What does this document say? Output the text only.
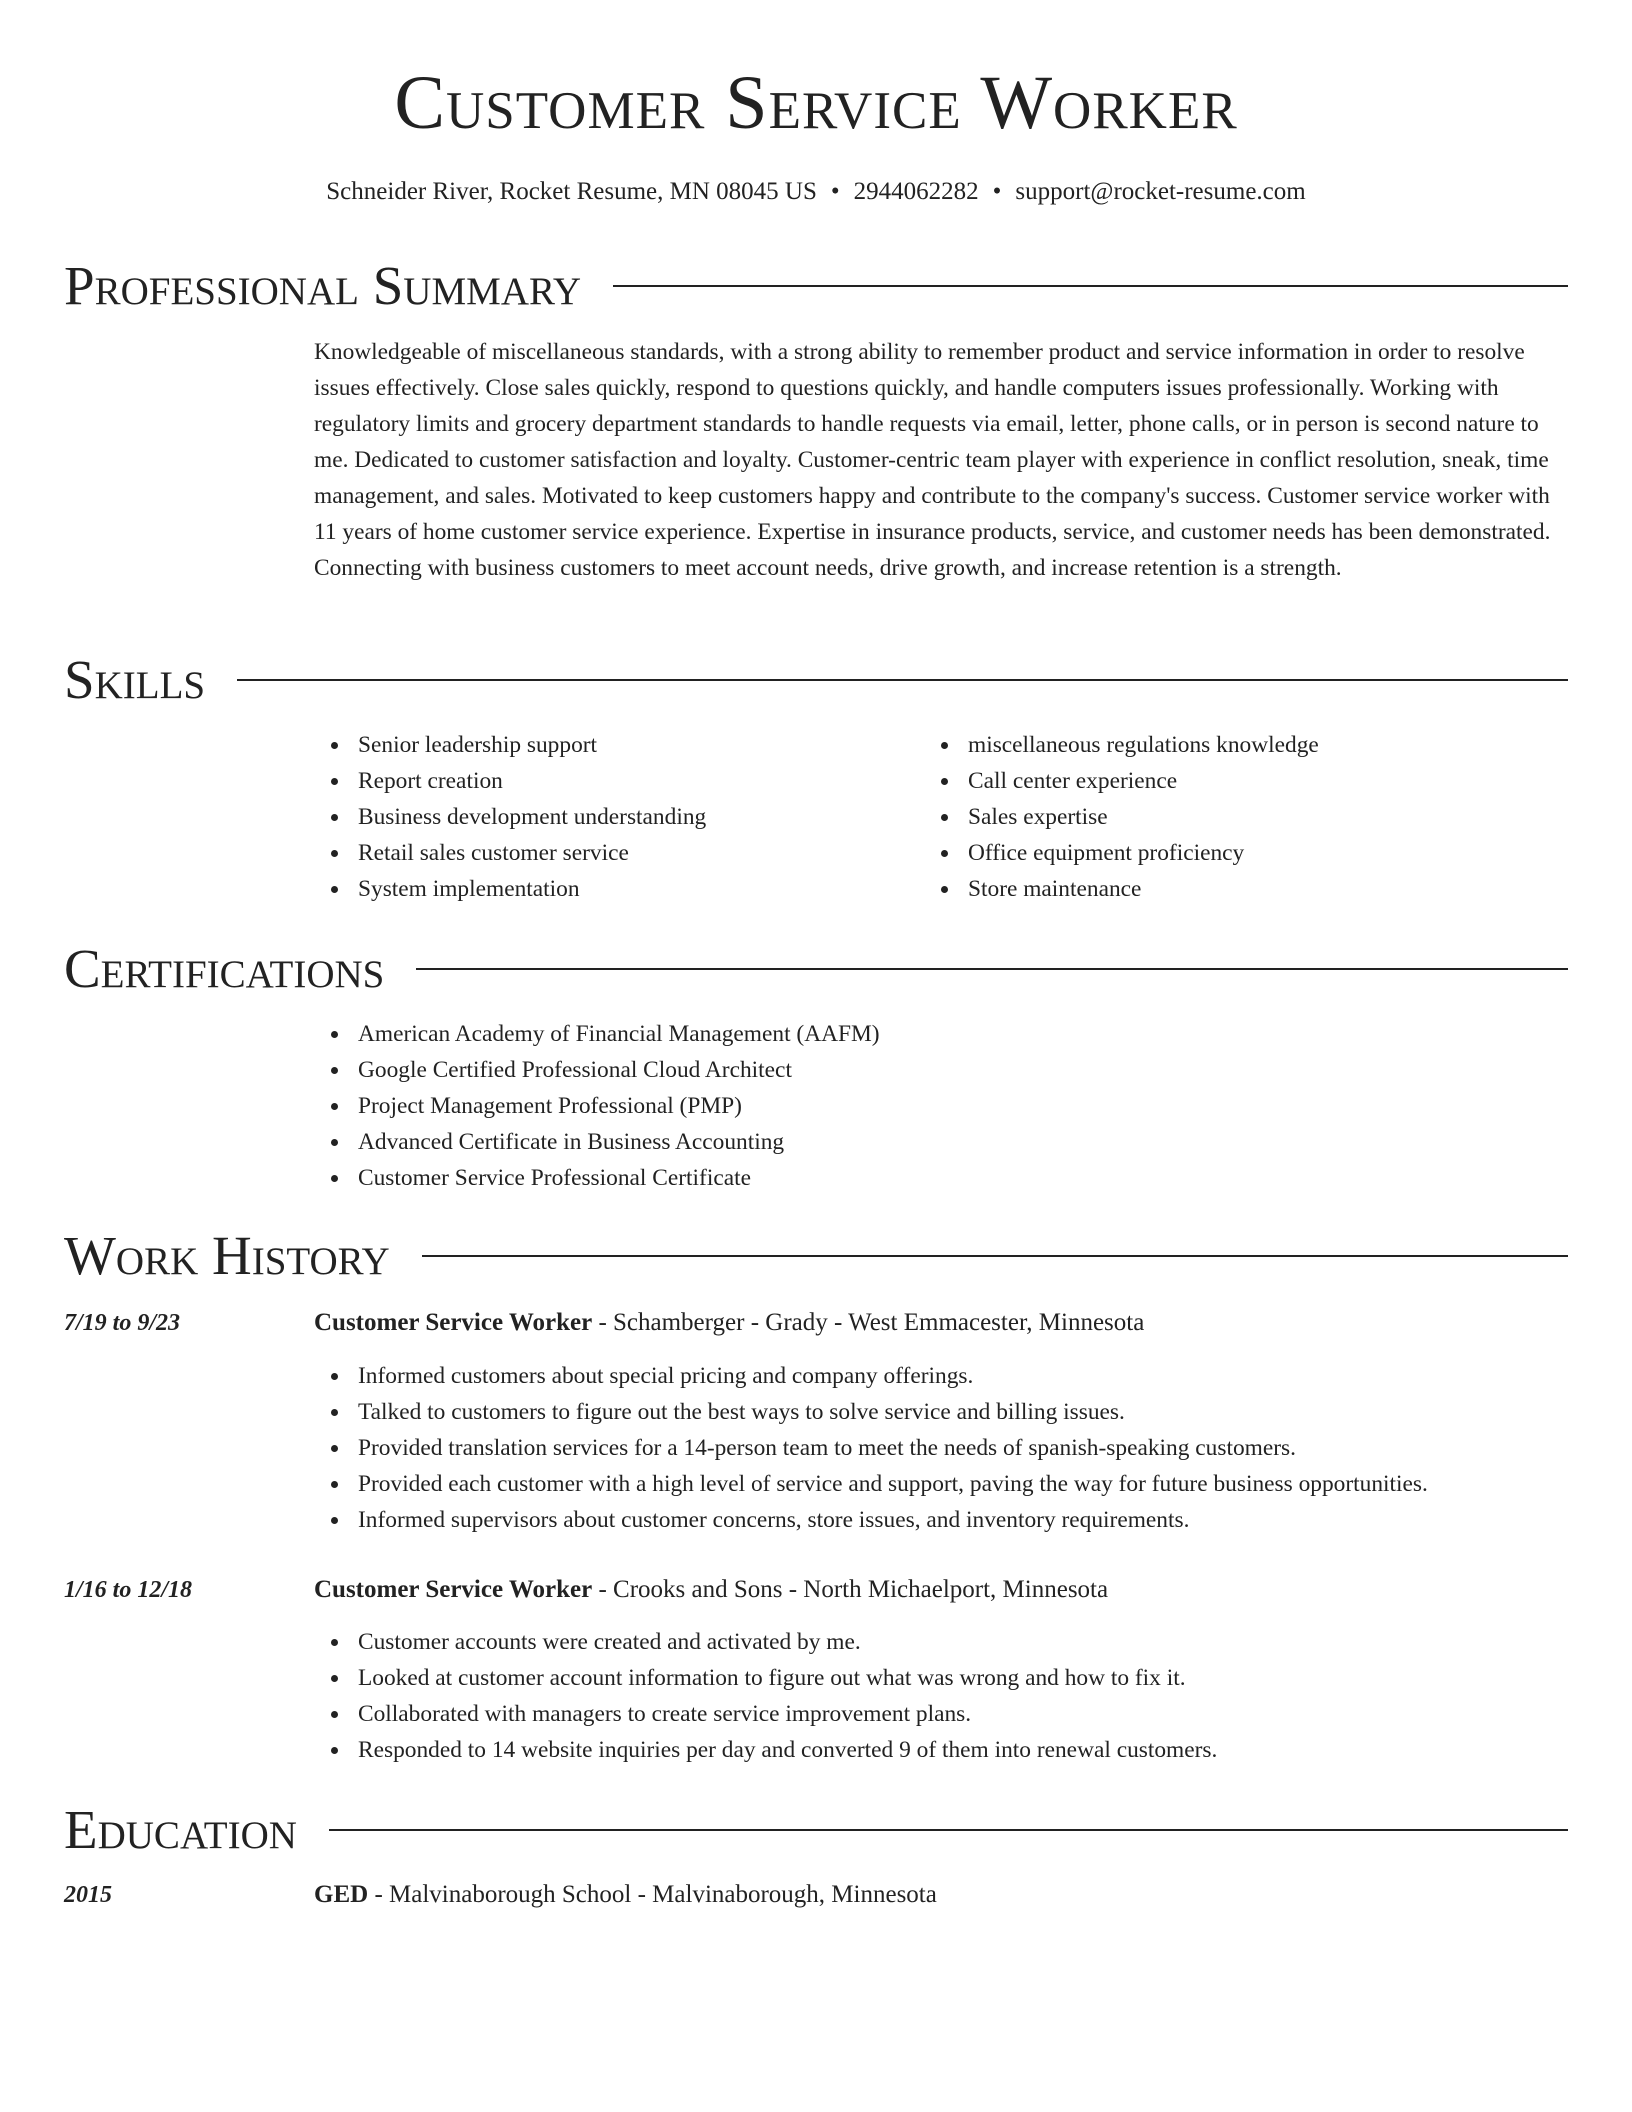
Customer Service Worker
Schneider River, Rocket Resume, MN 08045 US • 2944062282 • support@rocket-resume.com
Professional Summary
Knowledgeable of miscellaneous standards, with a strong ability to remember product and service information in order to resolve issues effectively. Close sales quickly, respond to questions quickly, and handle computers issues professionally. Working with regulatory limits and grocery department standards to handle requests via email, letter, phone calls, or in person is second nature to me. Dedicated to customer satisfaction and loyalty. Customer-centric team player with experience in conflict resolution, sneak, time management, and sales. Motivated to keep customers happy and contribute to the company's success. Customer service worker with 11 years of home customer service experience. Expertise in insurance products, service, and customer needs has been demonstrated. Connecting with business customers to meet account needs, drive growth, and increase retention is a strength.
Skills
Senior leadership support
Report creation
Business development understanding
Retail sales customer service
System implementation
miscellaneous regulations knowledge
Call center experience
Sales expertise
Office equipment proficiency
Store maintenance
Certifications
American Academy of Financial Management (AAFM)
Google Certified Professional Cloud Architect
Project Management Professional (PMP)
Advanced Certificate in Business Accounting
Customer Service Professional Certificate
Work History
7/19 to 9/23	Customer Service Worker - Schamberger - Grady - West Emmacester, Minnesota
Informed customers about special pricing and company offerings.
Talked to customers to figure out the best ways to solve service and billing issues.
Provided translation services for a 14-person team to meet the needs of spanish-speaking customers.
Provided each customer with a high level of service and support, paving the way for future business opportunities.
Informed supervisors about customer concerns, store issues, and inventory requirements.
1/16 to 12/18	Customer Service Worker - Crooks and Sons - North Michaelport, Minnesota
Customer accounts were created and activated by me.
Looked at customer account information to figure out what was wrong and how to fix it.
Collaborated with managers to create service improvement plans.
Responded to 14 website inquiries per day and converted 9 of them into renewal customers.
Education
2015	GED - Malvinaborough School - Malvinaborough, Minnesota
